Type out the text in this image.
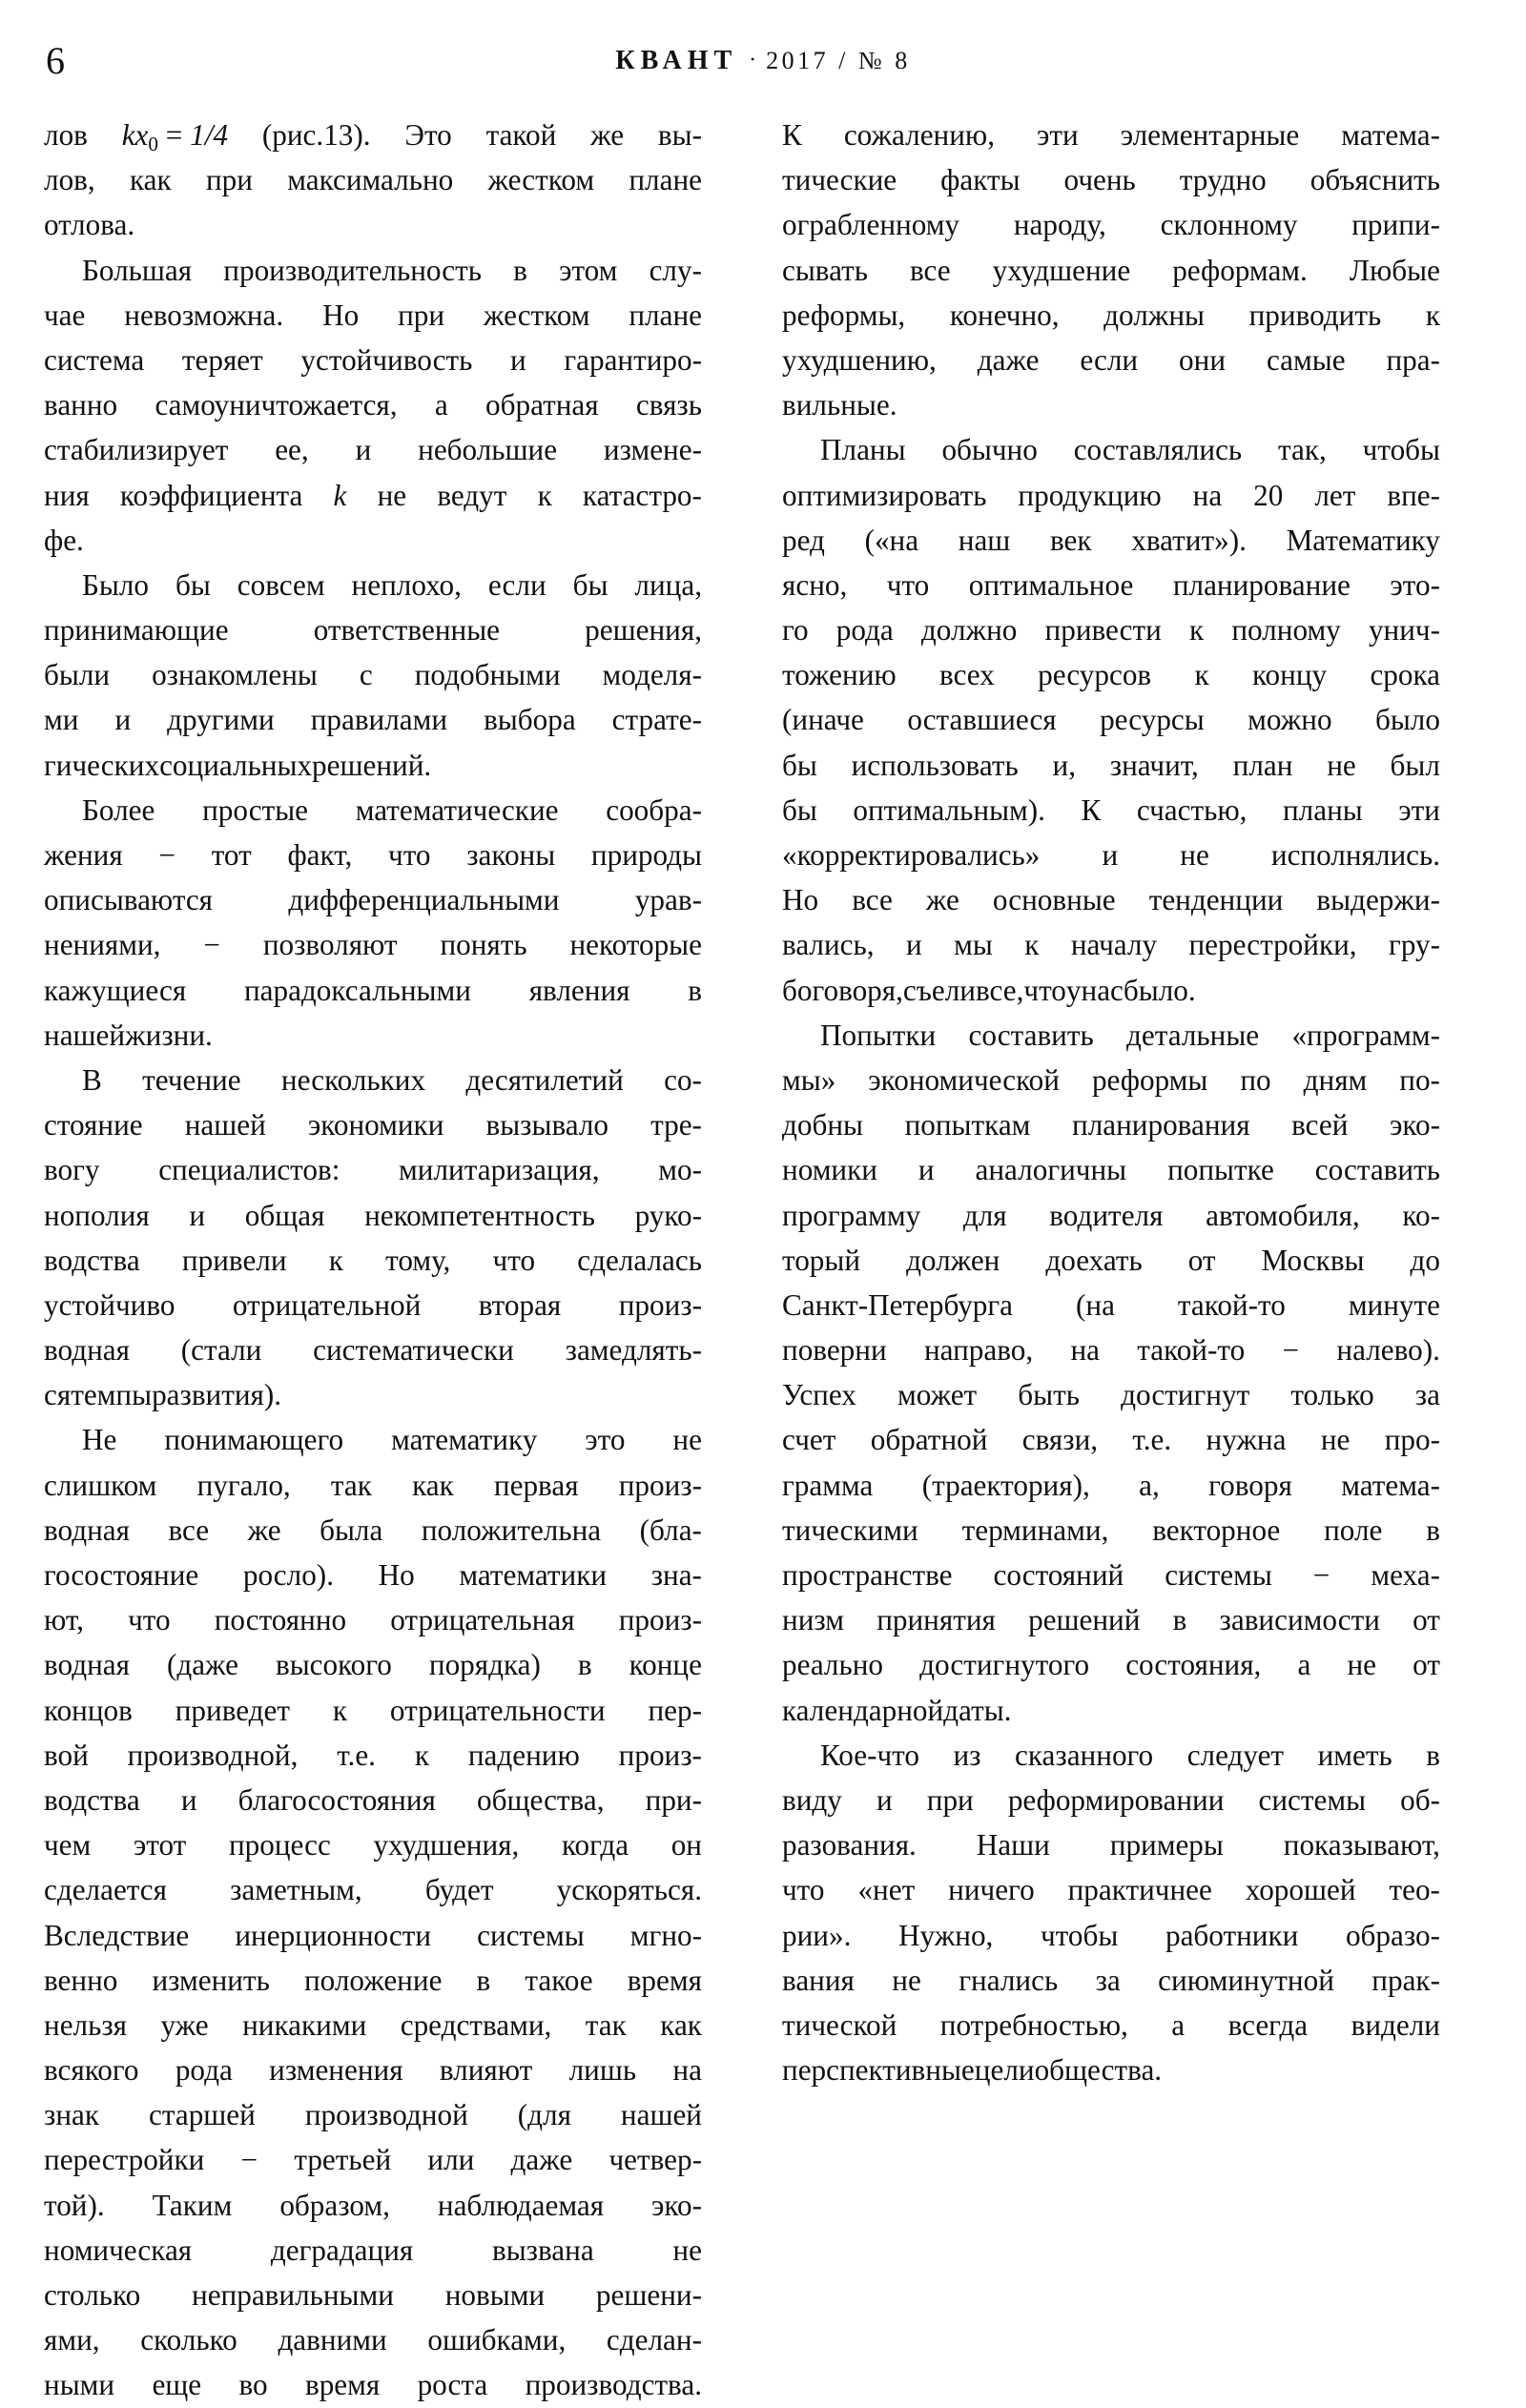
6	КВАНТ · 2017 / № 8
лов $kx_0 = 1/4$ (рис.13). Это такой же вы-
лов, как при максимально жестком плане
отлова.
Большая производительность в этом слу-
чае невозможна. Но при жестком плане
система теряет устойчивость и гарантиро-
ванно самоуничтожается, а обратная связь
стабилизирует ее, и небольшие измене-
ния коэффициента k не ведут к катастро-
фе.
Было бы совсем неплохо, если бы лица,
принимающие	ответственные	решения,
были ознакомлены с подобными моделя-
ми и другими правилами выбора страте-
гических социальных решений.
Более простые математические сообра-
жения − тот факт, что законы природы
описываются	дифференциальными	урав-
нениями, − позволяют понять некоторые
кажущиеся парадоксальными явления в
нашей жизни.
В течение нескольких десятилетий со-
стояние нашей экономики вызывало тре-
вогу специалистов: милитаризация, мо-
нополия и общая некомпетентность руко-
водства привели к тому, что сделалась
устойчиво отрицательной вторая произ-
водная (стали систематически замедлять-
ся темпы развития).
Не понимающего математику это не
слишком пугало, так как первая произ-
водная все же была положительна (бла-
госостояние росло). Но математики зна-
ют, что постоянно отрицательная произ-
водная (даже высокого порядка) в конце
концов приведет к отрицательности пер-
вой производной, т.е. к падению произ-
водства и благосостояния общества, при-
чем этот процесс ухудшения, когда он
сделается заметным, будет ускоряться.
Вследствие инерционности системы мгно-
венно изменить положение в такое время
нельзя уже никакими средствами, так как
всякого рода изменения влияют лишь на
знак старшей производной (для нашей
перестройки − третьей или даже четвер-
той). Таким образом, наблюдаемая эко-
номическая	деградация	вызвана	не
столько неправильными новыми решени-
ями, сколько давними ошибками, сделан-
ными еще во время роста производства.
К сожалению, эти элементарные матема-
тические факты очень трудно объяснить
ограбленному народу, склонному припи-
сывать все ухудшение реформам. Любые
реформы, конечно, должны приводить к
ухудшению, даже если они самые пра-
вильные.
Планы обычно составлялись так, чтобы
оптимизировать продукцию на 20 лет впе-
ред («на наш век хватит»). Математику
ясно, что оптимальное планирование это-
го рода должно привести к полному унич-
тожению всех ресурсов к концу срока
(иначе оставшиеся ресурсы можно было
бы использовать и, значит, план не был
бы оптимальным). К счастью, планы эти
«корректировались» и не исполнялись.
Но все же основные тенденции выдержи-
вались, и мы к началу перестройки, гру-
бо говоря, съели все, что у нас было.
Попытки составить детальные «программ-
мы» экономической реформы по дням по-
добны попыткам планирования всей эко-
номики и аналогичны попытке составить
программу для водителя автомобиля, ко-
торый должен доехать от Москвы до
Санкт-Петербурга (на такой-то минуте
поверни направо, на такой-то − налево).
Успех может быть достигнут только за
счет обратной связи, т.е. нужна не про-
грамма (траектория), а, говоря матема-
тическими терминами, векторное поле в
пространстве состояний системы − меха-
низм принятия решений в зависимости от
реально достигнутого состояния, а не от
календарной даты.
Кое-что из сказанного следует иметь в
виду и при реформировании системы об-
разования. Наши примеры показывают,
что «нет ничего практичнее хорошей тео-
рии». Нужно, чтобы работники образо-
вания не гнались за сиюминутной прак-
тической потребностью, а всегда видели
перспективные цели общества.
